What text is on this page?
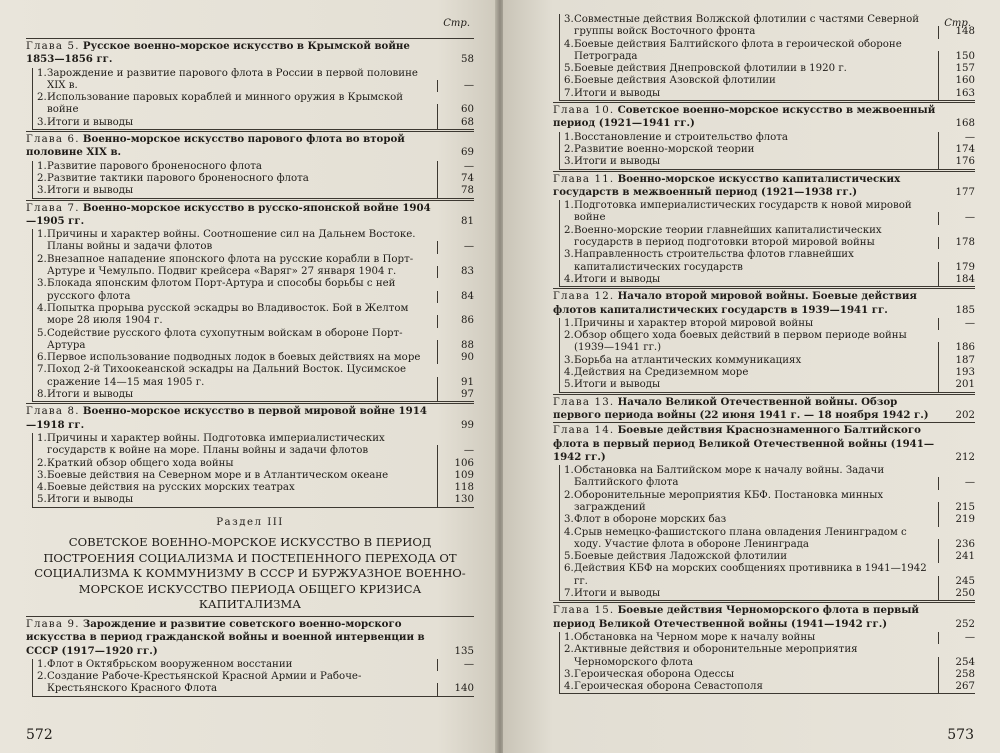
Стр.
Глава 5. Русское военно-морское искусство в Крымской войне 1853—1856 гг.	58
1. Зарождение и развитие парового флота в России в первой половине XIX в.	—
2. Использование паровых кораблей и минного оружия в Крымской войне	60
3. Итоги и выводы	68
Глава 6. Военно-морское искусство парового флота во второй половине XIX в.	69
1. Развитие парового броненосного флота	—
2. Развитие тактики парового броненосного флота	74
3. Итоги и выводы	78
Глава 7. Военно-морское искусство в русско-японской войне 1904—1905 гг.	81
1. Причины и характер войны. Соотношение сил на Дальнем Востоке. Планы войны и задачи флотов	—
2. Внезапное нападение японского флота на русские корабли в Порт-Артуре и Чемульпо. Подвиг крейсера «Варяг» 27 января 1904 г.	83
3. Блокада японским флотом Порт-Артура и способы борьбы с ней русского флота	84
4. Попытка прорыва русской эскадры во Владивосток. Бой в Желтом море 28 июля 1904 г.	86
5. Содействие русского флота сухопутным войскам в обороне Порт-Артура	88
6. Первое использование подводных лодок в боевых действиях на море	90
7. Поход 2-й Тихоокеанской эскадры на Дальний Восток. Цусимское сражение 14—15 мая 1905 г.	91
8. Итоги и выводы	97
Глава 8. Военно-морское искусство в первой мировой войне 1914—1918 гг.	99
1. Причины и характер войны. Подготовка империалистических государств к войне на море. Планы войны и задачи флотов	—
2. Краткий обзор общего хода войны	106
3. Боевые действия на Северном море и в Атлантическом океане	109
4. Боевые действия на русских морских театрах	118
5. Итоги и выводы	130
Раздел III
СОВЕТСКОЕ ВОЕННО-МОРСКОЕ ИСКУССТВО В ПЕРИОД ПОСТРОЕНИЯ СОЦИАЛИЗМА И ПОСТЕПЕННОГО ПЕРЕХОДА ОТ СОЦИАЛИЗМА К КОММУНИЗМУ В СССР И БУРЖУАЗНОЕ ВОЕННО-МОРСКОЕ ИСКУССТВО ПЕРИОДА ОБЩЕГО КРИЗИСА КАПИТАЛИЗМА
Глава 9. Зарождение и развитие советского военно-морского искусства в период гражданской войны и военной интервенции в СССР (1917—1920 гг.)	135
1. Флот в Октябрьском вооруженном восстании	—
2. Создание Рабоче-Крестьянской Красной Армии и Рабоче-Крестьянского Красного Флота	140
572
Стр.
3. Совместные действия Волжской флотилии с частями Северной группы войск Восточного фронта	148
4. Боевые действия Балтийского флота в героической обороне Петрограда	150
5. Боевые действия Днепровской флотилии в 1920 г.	157
6. Боевые действия Азовской флотилии	160
7. Итоги и выводы	163
Глава 10. Советское военно-морское искусство в межвоенный период (1921—1941 гг.)	168
1. Восстановление и строительство флота	—
2. Развитие военно-морской теории	174
3. Итоги и выводы	176
Глава 11. Военно-морское искусство капиталистических государств в межвоенный период (1921—1938 гг.)	177
1. Подготовка империалистических государств к новой мировой войне	—
2. Военно-морские теории главнейших капиталистических государств в период подготовки второй мировой войны	178
3. Направленность строительства флотов главнейших капиталистических государств	179
4. Итоги и выводы	184
Глава 12. Начало второй мировой войны. Боевые действия флотов капиталистических государств в 1939—1941 гг.	185
1. Причины и характер второй мировой войны	—
2. Обзор общего хода боевых действий в первом периоде войны (1939—1941 гг.)	186
3. Борьба на атлантических коммуникациях	187
4. Действия на Средиземном море	193
5. Итоги и выводы	201
Глава 13. Начало Великой Отечественной войны. Обзор первого периода войны (22 июня 1941 г. — 18 ноября 1942 г.)	202
Глава 14. Боевые действия Краснознаменного Балтийского флота в первый период Великой Отечественной войны (1941—1942 гг.)	212
1. Обстановка на Балтийском море к началу войны. Задачи Балтийского флота	—
2. Оборонительные мероприятия КБФ. Постановка минных заграждений	215
3. Флот в обороне морских баз	219
4. Срыв немецко-фашистского плана овладения Ленинградом с ходу. Участие флота в обороне Ленинграда	236
5. Боевые действия Ладожской флотилии	241
6. Действия КБФ на морских сообщениях противника в 1941—1942 гг.	245
7. Итоги и выводы	250
Глава 15. Боевые действия Черноморского флота в первый период Великой Отечественной войны (1941—1942 гг.)	252
1. Обстановка на Черном море к началу войны	—
2. Активные действия и оборонительные мероприятия Черноморского флота	254
3. Героическая оборона Одессы	258
4. Героическая оборона Севастополя	267
573
